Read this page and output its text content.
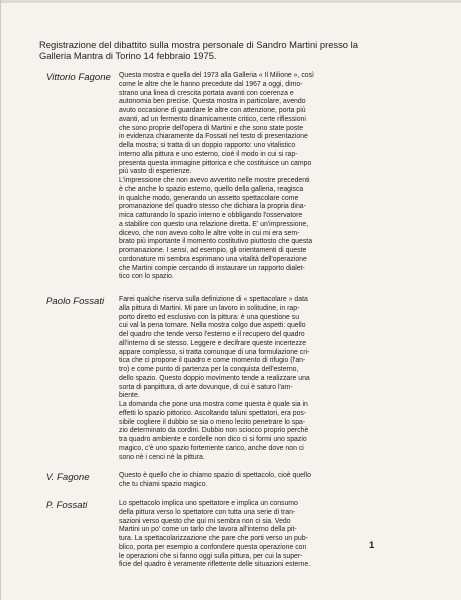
Registrazione del dibattito sulla mostra personale di Sandro Martini presso la
Galleria Mantra di Torino 14 febbraio 1975.
Vittorio Fagone Questa mostra e quella del 1973 alla Galleria « Il Milione », così
come le altre che le hanno precedute dal 1967 a oggi, dimo-
strano una linea di crescita portata avanti con coerenza e
autonomia ben precise. Questa mostra in particolare, avendo
avuto occasione di guardare le altre con attenzione, porta più
avanti, ad un fermento dinamicamente critico, certe riflessioni
che sono proprie dell'opera di Martini e che sono state poste
in evidenza chiaramente da Fossati nel testo di presentazione
della mostra; si tratta di un doppio rapporto: uno vitalistico
interno alla pittura e uno esterno, cioè il modo in cui si rap-
presenta questa immagine pittorica e che costituisce un campo
più vasto di esperienze.
L'impressione che non avevo avvertito nelle mostre precedenti
è che anche lo spazio esterno, quello della galleria, reagisca
in qualche modo, generando un assetto spettacolare come
promanazione del quadro stesso che dichiara la propria dina-
mica catturando lo spazio interno e obbligando l'osservatore
a stabilire con questo una relazione diretta. E' un'impressione,
dicevo, che non avevo colto le altre volte in cui mi era sem-
brato più importante il momento costitutivo piuttosto che questa
promanazione. I sensi, ad esempio, gli orientamenti di queste
cordonature mi sembra esprimano una vitalità dell'operazione
che Martini compie cercando di instaurare un rapporto dialet-
tico con lo spazio.
Paolo Fossati Farei qualche riserva sulla definizione di « spettacolare » data
alla pittura di Martini. Mi pare un lavoro in solitudine, in rap-
porto diretto ed esclusivo con la pittura: è una questione su
cui val la pena tornare. Nella mostra colgo due aspetti: quello
del quadro che tende verso l'esterno e il recupero del quadro
all'interno di se stesso. Leggere e decifrare queste incertezze
appare complesso, si tratta comunque di una formulazione cri-
tica che ci propone il quadro e come momento di rifugio (l'an-
tro) e come punto di partenza per la conquista dell'esterno,
dello spazio. Questo doppio movimento tende a realizzare una
sorta di panpittura, di arte dovunque, di cui è saturo l'am-
biente.
La domanda che pone una mostra come questa è quale sia in
effetti lo spazio pittorico. Ascoltando taluni spettatori, era pos-
sibile cogliere il dubbio se sia o meno lecito penetrare lo spa-
zio determinato da cordini. Dubbio non sciocco proprio perchè
tra quadro ambiente e cordelle non dico ci si formi uno spazio
magico, c'è uno spazio fortemente carico, anche dove non ci
sono nè i cenci nè la pittura.
V. Fagone	Questo è quello che io chiamo spazio di spettacolo, cioè quello
che tu chiami spazio magico.
P. Fossati	Lo spettacolo implica uno spettatore e implica un consumo
della pittura verso lo spettatore con tutta una serie di tran-
sazioni verso questo che qui mi sembra non ci sia. Vedo
Martini un po' come un tarlo che lavora all'interno della pit-
tura. La spettacolarizzazione che pare che porti verso un pub-
blico, porta per esempio a confondere questa operazione con
le operazioni che si fanno oggi sulla pittura, per cui la super-
ficie del quadro è veramente riflettente delle situazioni esterne.
1
